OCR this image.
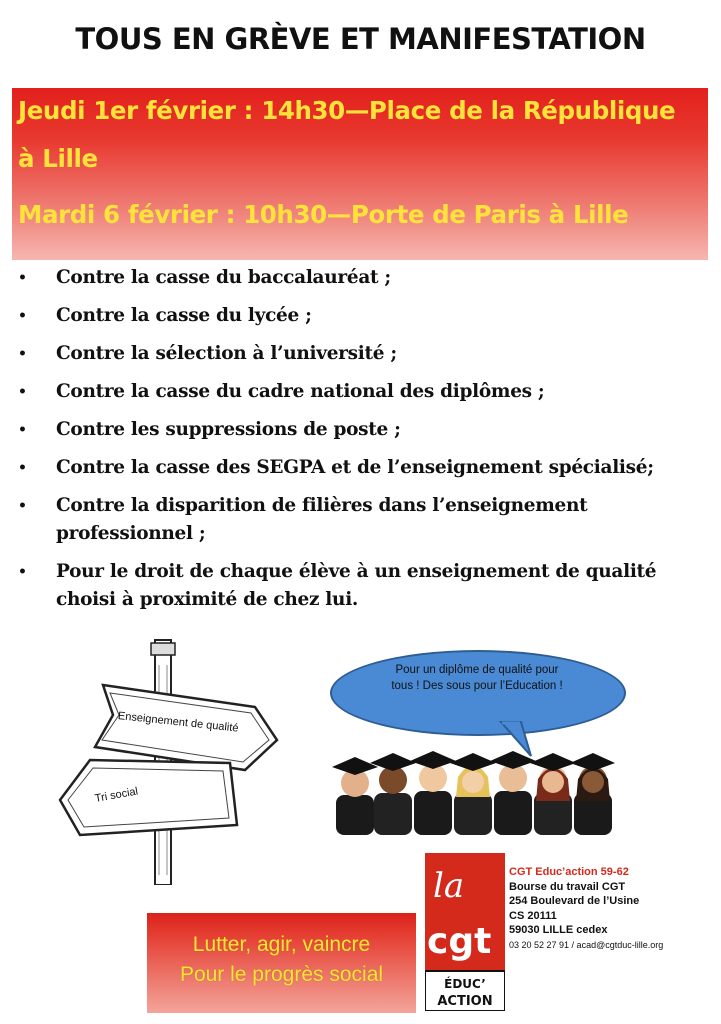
TOUS EN GRÈVE ET MANIFESTATION
Jeudi 1er février : 14h30—Place de la République
à Lille
Mardi 6 février : 10h30—Porte de Paris à Lille
• Contre la casse du baccalauréat ;
• Contre la casse du lycée ;
• Contre la sélection à l’université ;
• Contre la casse du cadre national des diplômes ;
• Contre les suppressions de poste ;
• Contre la casse des SEGPA et de l’enseignement spécialisé;
• Contre la disparition de filières dans l’enseignement
professionnel ;
• Pour le droit de chaque élève à un enseignement de qualité
choisi à proximité de chez lui.
Enseignement de qualité
Tri social
Pour un diplôme de qualité pour
tous ! Des sous pour l’Education !
Lutter, agir, vaincre
Pour le progrès social
la
cgt
ÉDUC’
ACTION
CGT Educ’action 59-62
Bourse du travail CGT
254 Boulevard de l’Usine
CS 20111
59030 LILLE cedex
03 20 52 27 91 / acad@cgtduc-lille.org
